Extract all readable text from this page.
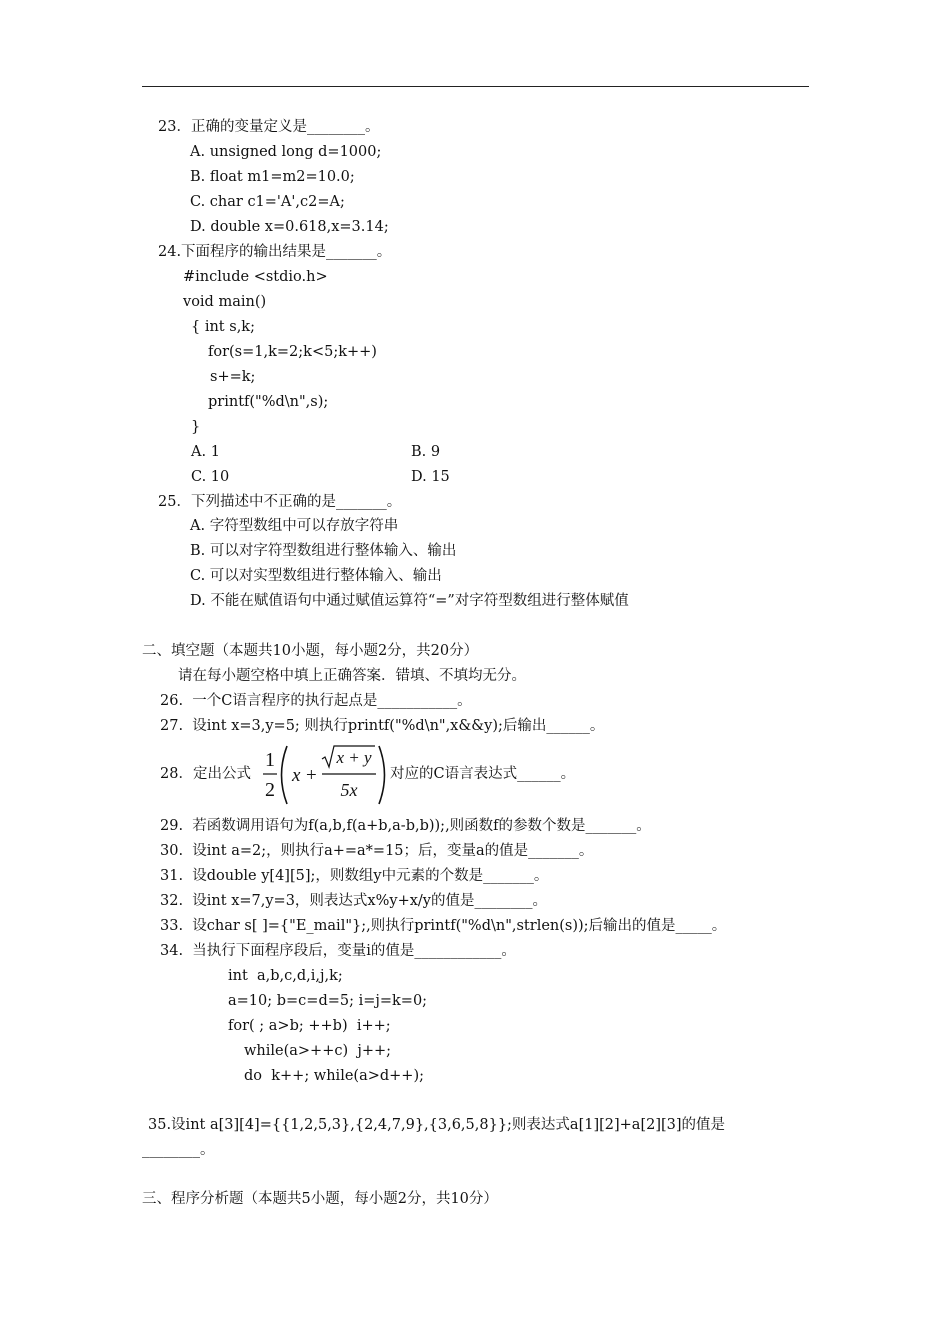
23．正确的变量定义是________。
A. unsigned long d=1000;
B. float m1=m2=10.0;
C. char c1='A',c2=A;
D. double x=0.618,x=3.14;
24.下面程序的输出结果是_______。
#include <stdio.h>
void main()
{ int s,k;
for(s=1,k=2;k<5;k++)
s+=k;
printf("%d\n",s);
}
A. 1	B. 9
C. 10	D. 15
25．下列描述中不正确的是_______。
A. 字符型数组中可以存放字符串
B. 可以对字符型数组进行整体输入、输出
C. 可以对实型数组进行整体输入、输出
D. 不能在赋值语句中通过赋值运算符“=”对字符型数组进行整体赋值
二、填空题（本题共10小题，每小题2分，共20分）
请在每小题空格中填上正确答案．错填、不填均无分。
26.  一个C语言程序的执行起点是___________。
27.  设int x=3,y=5; 则执行printf("%d\n",x&&y);后输出______。
28．定出公式
1
2
x +
x + y
5x
对应的C语言表达式______。
29.  若函数调用语句为f(a,b,f(a+b,a-b,b));,则函数f的参数个数是_______。
30.  设int a=2;，则执行a+=a*=15；后，变量a的值是_______。
31.  设double y[4][5];，则数组y中元素的个数是_______。
32.  设int x=7,y=3，则表达式x%y+x/y的值是________。
33.  设char s[ ]={"E_mail"};,则执行printf("%d\n",strlen(s));后输出的值是_____。
34.  当执行下面程序段后，变量i的值是____________。
int  a,b,c,d,i,j,k;
a=10; b=c=d=5; i=j=k=0;
for( ; a>b; ++b)  i++;
while(a>++c)  j++;
do  k++; while(a>d++);
35.设int a[3][4]={{1,2,5,3},{2,4,7,9},{3,6,5,8}};则表达式a[1][2]+a[2][3]的值是
________。
三、程序分析题（本题共5小题，每小题2分，共10分）
